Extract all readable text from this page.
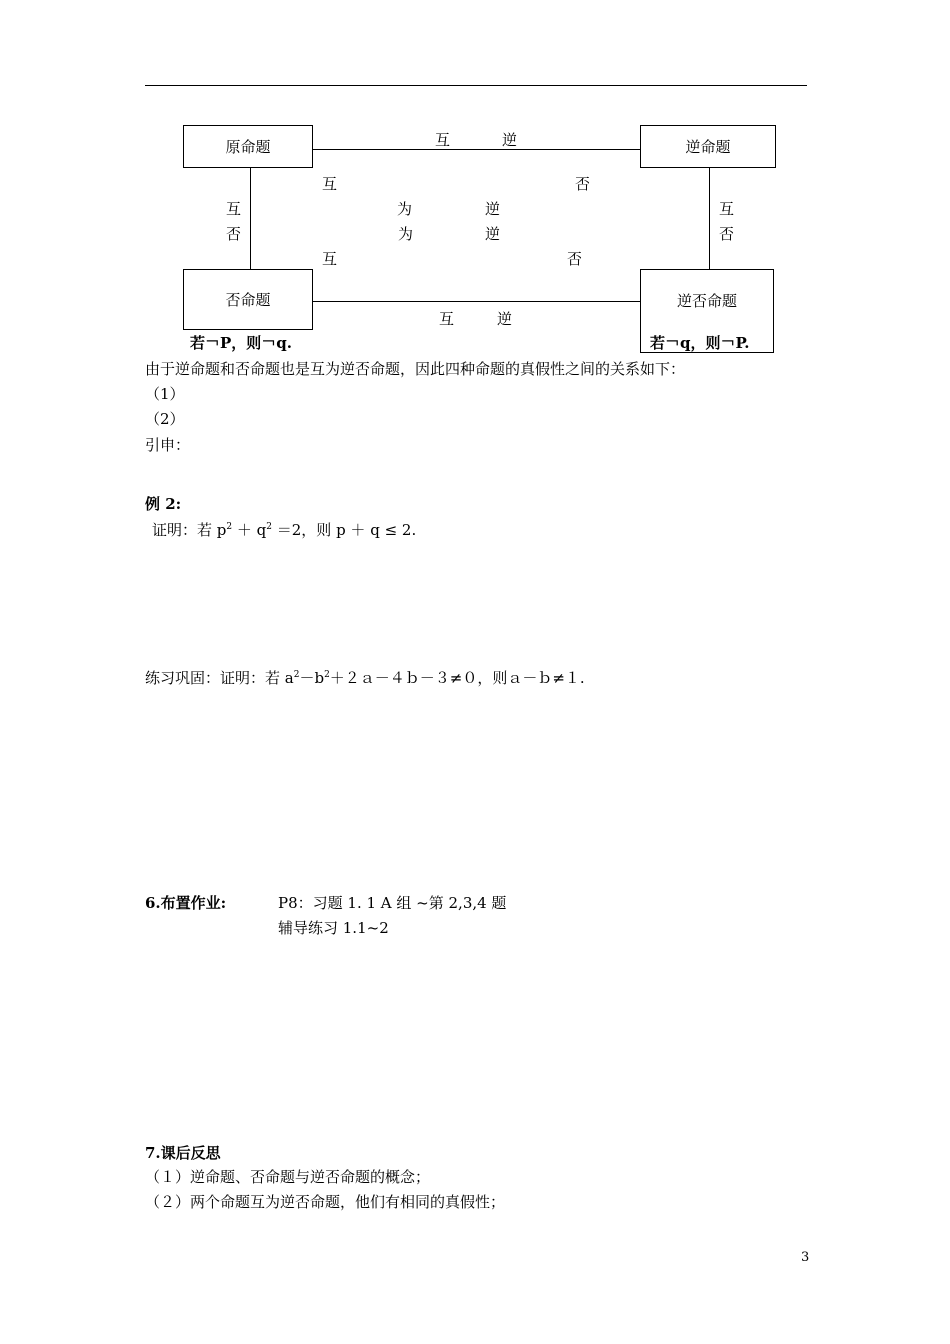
原命题	逆命题
否命题	逆否命题
互	逆
互	逆
互
否
互
否
互	否
为	逆
为	逆
互	否
若￢P，则￢q.	若￢q，则￢P.

由于逆命题和否命题也是互为逆否命题，因此四种命题的真假性之间的关系如下：

（1）

（2）

引申：

例 2:

证明：若 $p^2 + q^2 =2$，则 p ＋ q ≤ 2.

练习巩固：证明：若 $a^2-b^2+2a-4b-3\ne 0$，则ａ－ｂ≠１.

6.布置作业:	P8：习题 1. 1 A 组 ~第 2,3,4 题

辅导练习 1.1~2

7.课后反思

（１）逆命题、否命题与逆否命题的概念；

（２）两个命题互为逆否命题，他们有相同的真假性；

3
